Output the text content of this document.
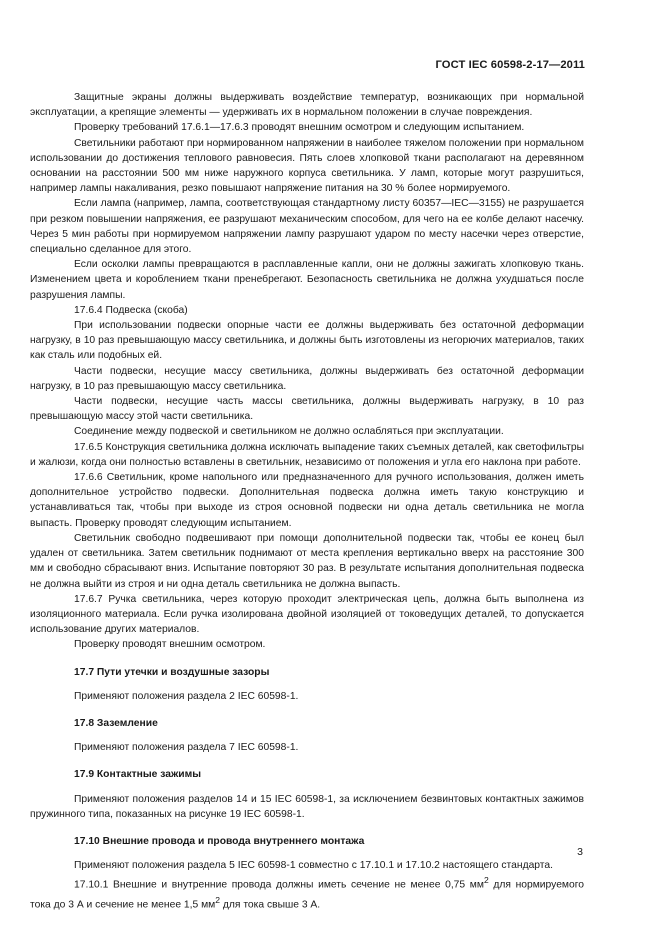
ГОСТ IEC 60598-2-17—2011

Защитные экраны должны выдерживать воздействие температур, возникающих при нормальной эксплуатации, а крепящие элементы — удерживать их в нормальном положении в случае повреждения.

Проверку требований 17.6.1—17.6.3 проводят внешним осмотром и следующим испытанием.

Светильники работают при нормированном напряжении в наиболее тяжелом положении при нормальном использовании до достижения теплового равновесия. Пять слоев хлопковой ткани располагают на деревянном основании на расстоянии 500 мм ниже наружного корпуса светильника. У ламп, которые могут разрушиться, например лампы накаливания, резко повышают напряжение питания на 30 % более нормируемого.

Если лампа (например, лампа, соответствующая стандартному листу 60357—IEC—3155) не разрушается при резком повышении напряжения, ее разрушают механическим способом, для чего на ее колбе делают насечку. Через 5 мин работы при нормируемом напряжении лампу разрушают ударом по месту насечки через отверстие, специально сделанное для этого.

Если осколки лампы превращаются в расплавленные капли, они не должны зажигать хлопковую ткань. Изменением цвета и короблением ткани пренебрегают. Безопасность светильника не должна ухудшаться после разрушения лампы.

17.6.4 Подвеска (скоба)

При использовании подвески опорные части ее должны выдерживать без остаточной деформации нагрузку, в 10 раз превышающую массу светильника, и должны быть изготовлены из негорючих материалов, таких как сталь или подобных ей.

Части подвески, несущие массу светильника, должны выдерживать без остаточной деформации нагрузку, в 10 раз превышающую массу светильника.

Части подвески, несущие часть массы светильника, должны выдерживать нагрузку, в 10 раз превышающую массу этой части светильника.

Соединение между подвеской и светильником не должно ослабляться при эксплуатации.

17.6.5 Конструкция светильника должна исключать выпадение таких съемных деталей, как светофильтры и жалюзи, когда они полностью вставлены в светильник, независимо от положения и угла его наклона при работе.

17.6.6 Светильник, кроме напольного или предназначенного для ручного использования, должен иметь дополнительное устройство подвески. Дополнительная подвеска должна иметь такую конструкцию и устанавливаться так, чтобы при выходе из строя основной подвески ни одна деталь светильника не могла выпасть. Проверку проводят следующим испытанием.

Светильник свободно подвешивают при помощи дополнительной подвески так, чтобы ее конец был удален от светильника. Затем светильник поднимают от места крепления вертикально вверх на расстояние 300 мм и свободно сбрасывают вниз. Испытание повторяют 30 раз. В результате испытания дополнительная подвеска не должна выйти из строя и ни одна деталь светильника не должна выпасть.

17.6.7 Ручка светильника, через которую проходит электрическая цепь, должна быть выполнена из изоляционного материала. Если ручка изолирована двойной изоляцией от токоведущих деталей, то допускается использование других материалов.

Проверку проводят внешним осмотром.

17.7 Пути утечки и воздушные зазоры

Применяют положения раздела 2 IEC 60598-1.

17.8 Заземление

Применяют положения раздела 7 IEC 60598-1.

17.9 Контактные зажимы

Применяют положения разделов 14 и 15 IEC 60598-1, за исключением безвинтовых контактных зажимов пружинного типа, показанных на рисунке 19 IEC 60598-1.

17.10 Внешние провода и провода внутреннего монтажа

Применяют положения раздела 5 IEC 60598-1 совместно с 17.10.1 и 17.10.2 настоящего стандарта.

17.10.1 Внешние и внутренние провода должны иметь сечение не менее 0,75 $мм^2$ для нормируемого тока до 3 А и сечение не менее 1,5 $мм^2$ для тока свыше 3 А.

3
